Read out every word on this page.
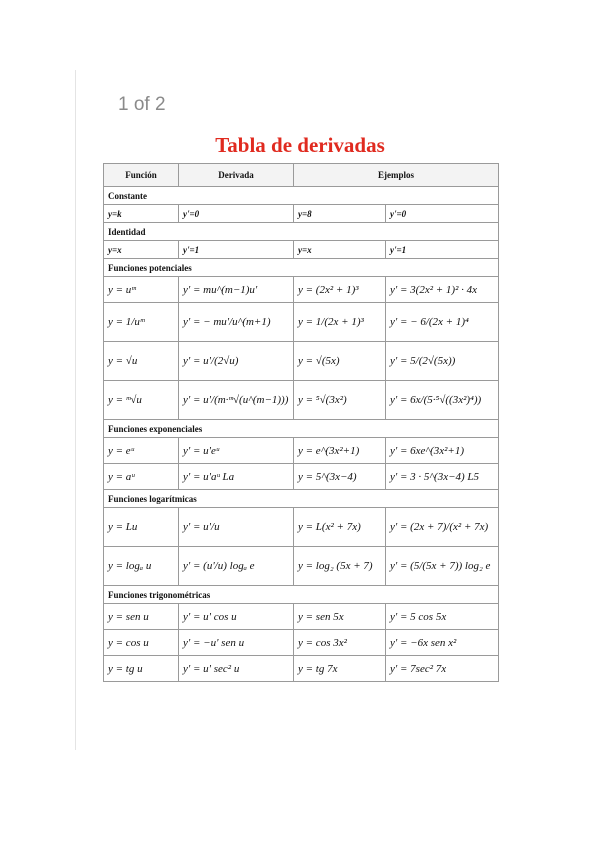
1 of 2
Tabla de derivadas
Función	Derivada	Ejemplos	
Constante			
y=k	y'=0	y=8	y'=0
Identidad			
y=x	y'=1	y=x	y'=1
Funciones potenciales			
y = uᵐ	y' = mu^(m−1)u'	y = (2x² + 1)³	y' = 3(2x² + 1)² · 4x
y = 1/uᵐ	y' = − mu'/u^(m+1)	y = 1/(2x + 1)³	y' = − 6/(2x + 1)⁴
y = √u	y' = u'/(2√u)	y = √(5x)	y' = 5/(2√(5x))
y = ᵐ√u	y' = u'/(m·ᵐ√(u^(m−1)))	y = ⁵√(3x²)	y' = 6x/(5·⁵√((3x²)⁴))
Funciones exponenciales			
y = eᵘ	y' = u'eᵘ	y = e^(3x²+1)	y' = 6xe^(3x²+1)
y = aᵘ	y' = u'aᵘ La	y = 5^(3x−4)	y' = 3 · 5^(3x−4) L5
Funciones logarítmicas			
y = Lu	y' = u'/u	y = L(x² + 7x)	y' = (2x + 7)/(x² + 7x)
y = logₐ u	y' = (u'/u) logₐ e	y = log₂ (5x + 7)	y' = (5/(5x + 7)) log₂ e
Funciones trigonométricas			
y = sen u	y' = u' cos u	y = sen 5x	y' = 5 cos 5x
y = cos u	y' = −u' sen u	y = cos 3x²	y' = −6x sen x²
y = tg u	y' = u' sec² u	y = tg 7x	y' = 7sec² 7x
